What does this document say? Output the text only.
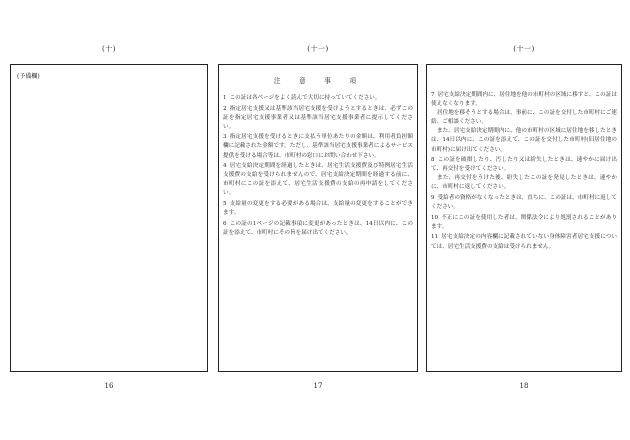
(十)	(十一)	(十一)
(予備欄)
注　意　事　項
1 この証は各ページをよく読んで大切に持っていてください。
2 指定居宅支援又は基準該当居宅支援を受けようとするときは、必ずこの証を指定居宅支援事業者又は基準該当居宅支援事業者に提示してください。
3 指定居宅支援を受けるときに支払う単位あたりの金額は、利用者負担額欄に記載された金額です。ただし、基準該当居宅支援事業者によるサービス提供を受ける場合等は、市町村の窓口にお問い合わせ下さい。
4 居宅支給決定期間を経過したときは、居宅生活支援費及び特例居宅生活支援費の支給を受けられませんので、居宅支給決定期間を経過する前に、市町村にこの証を添えて、居宅生活支援費の支給の再申請をしてください。
5 支給量の変更をする必要がある場合は、支給量の変更をすることができます。
6 この証の1ページの記載事項に変更があったときは、14日以内に、この証を添えて、市町村にその旨を届け出てください。
7 居宅支給決定期間内に、居住地を他の市町村の区域に移すと、この証は使えなくなります。
居住地を移そうとする場合は、事前に、この証を交付した市町村にご連絡、ご相談ください。
また、居宅支給決定期間内に、他の市町村の区域に居住地を移したときは、14日以内に、この証を添えて、この証を交付した市町村(旧居住地の市町村)に届け出てください。
8 この証を破損したり、汚したり又は紛失したときは、速やかに届け出て、再交付を受けてください。
また、再交付をうけた後、紛失したこの証を発見したときは、速やかに、市町村に返してください。
9 受給者の資格がなくなったときは、直ちに、この証は、市町村に返してください。
10 不正にこの証を使用した者は、関係法令により処罰されることがあります。
11 居宅支給決定の内容欄に記載されていない身体障害者居宅支援については、居宅生活支援費の支給は受けられません。
16	17	18
